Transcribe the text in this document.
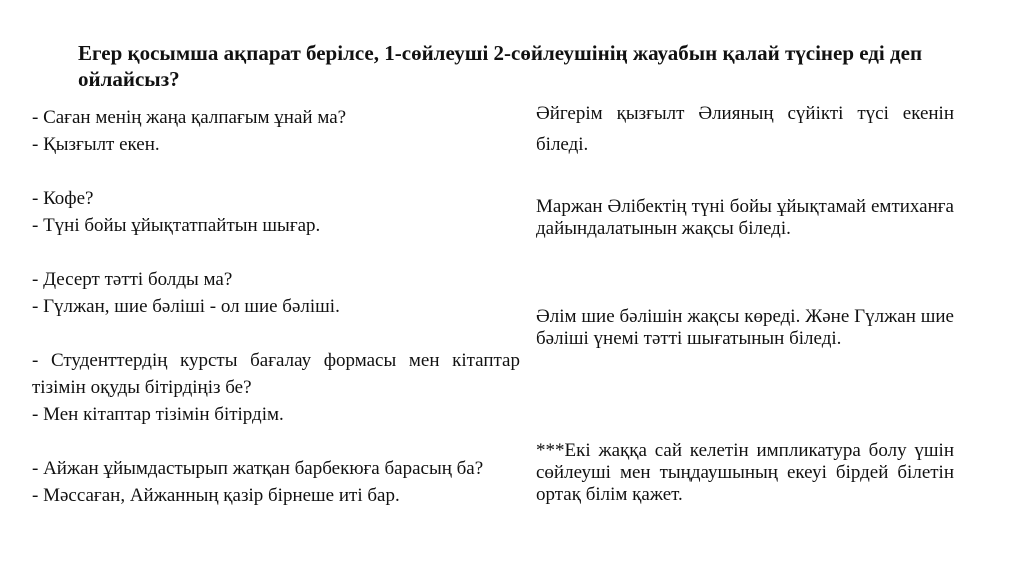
Егер қосымша ақпарат берілсе, 1-сөйлеуші 2-сөйлеушінің жауабын қалай түсінер еді деп ойлайсыз?
- Саған менің жаңа қалпағым ұнай ма?
- Қызғылт екен.
- Кофе?
- Түні бойы ұйықтатпайтын шығар.
- Десерт тәтті болды ма?
- Гүлжан, шие бәліші - ол шие бәліші.
- Студенттердің курсты бағалау формасы мен кітаптар тізімін оқуды бітірдіңіз бе?
- Мен кітаптар тізімін бітірдім.
- Айжан ұйымдастырып жатқан барбекюға барасың ба?
- Мәссаған, Айжанның қазір бірнеше иті бар.
Әйгерім қызғылт Әлияның сүйікті түсі екенін біледі.
Маржан Әлібектің түні бойы ұйықтамай емтиханға дайындалатынын жақсы біледі.
Әлім шие бәлішін жақсы көреді. Және Гүлжан шие бәліші үнемі тәтті шығатынын біледі.
***Екі жаққа сай келетін импликатура болу үшін сөйлеуші мен тыңдаушының екеуі бірдей білетін ортақ білім қажет.
